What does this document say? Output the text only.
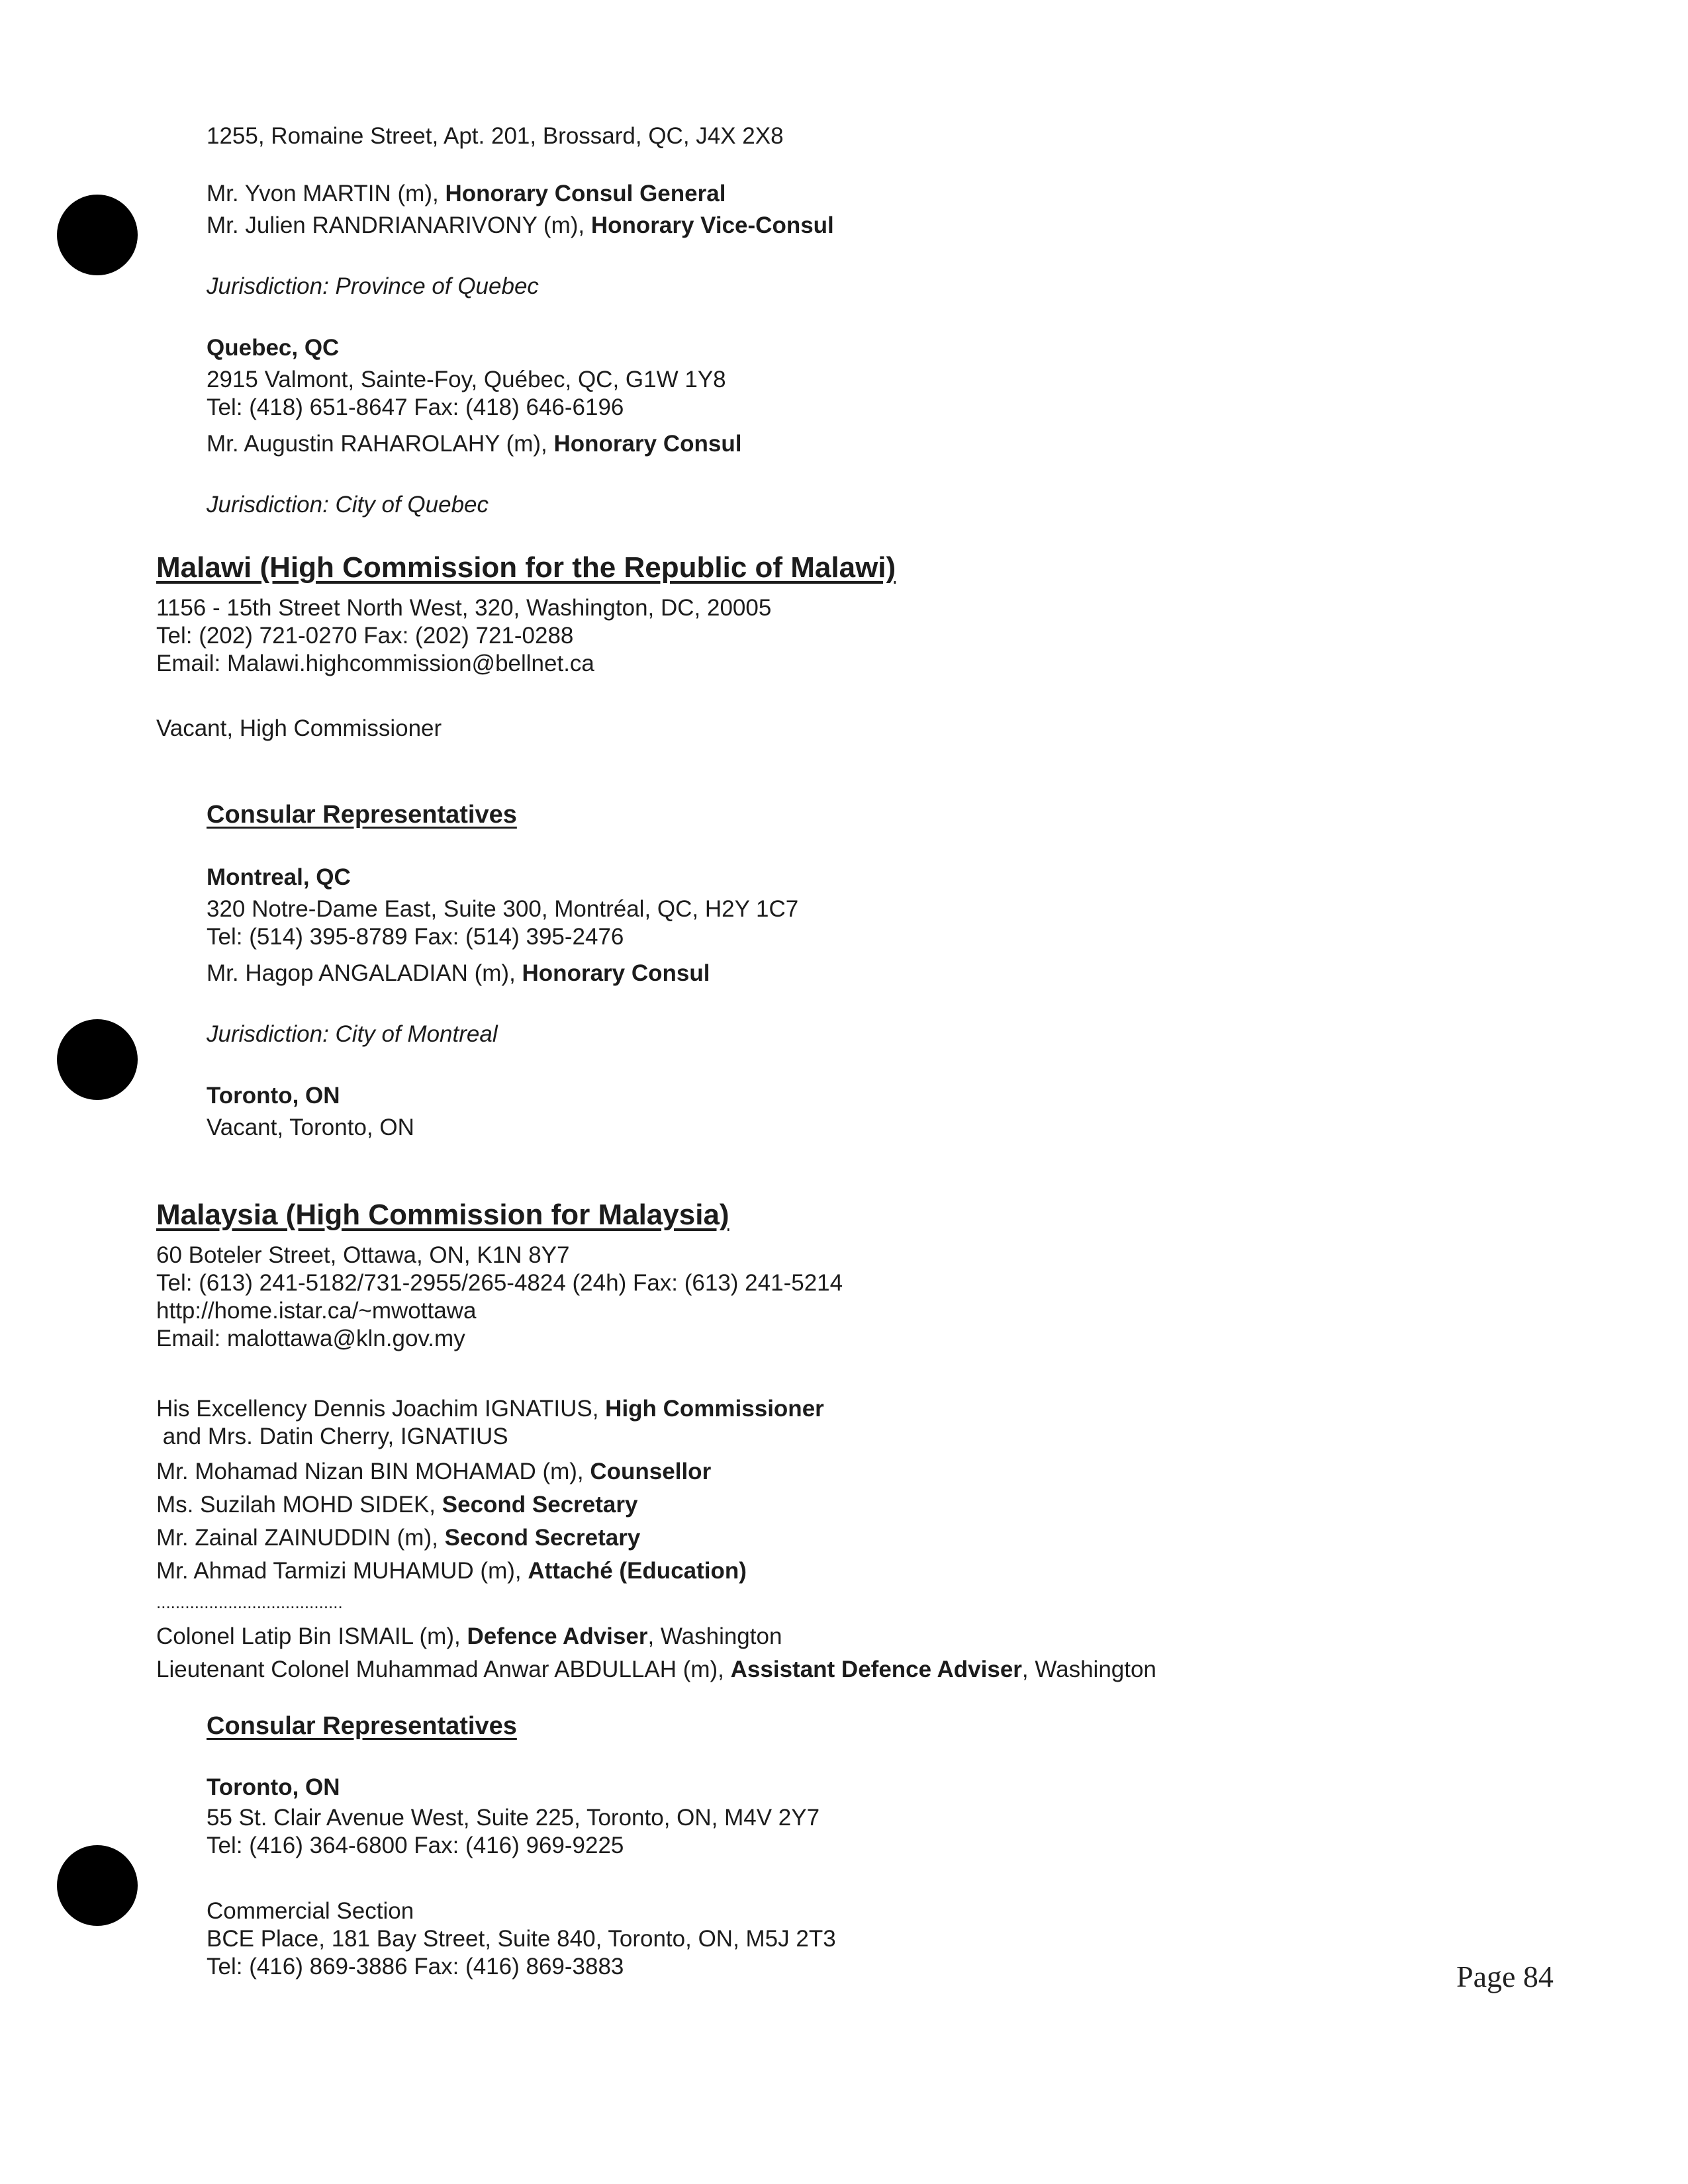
1255, Romaine Street, Apt. 201, Brossard, QC, J4X 2X8
Mr. Yvon MARTIN (m), Honorary Consul General
Mr. Julien RANDRIANARIVONY (m), Honorary Vice-Consul
Jurisdiction: Province of Quebec
Quebec, QC
2915 Valmont, Sainte-Foy, Québec, QC, G1W 1Y8
Tel: (418) 651-8647 Fax: (418) 646-6196
Mr. Augustin RAHAROLAHY (m), Honorary Consul
Jurisdiction: City of Quebec
Malawi (High Commission for the Republic of Malawi)
1156 - 15th Street North West, 320, Washington, DC, 20005
Tel: (202) 721-0270 Fax: (202) 721-0288
Email: Malawi.highcommission@bellnet.ca
Vacant, High Commissioner
Consular Representatives
Montreal, QC
320 Notre-Dame East, Suite 300, Montréal, QC, H2Y 1C7
Tel: (514) 395-8789 Fax: (514) 395-2476
Mr. Hagop ANGALADIAN (m), Honorary Consul
Jurisdiction: City of Montreal
Toronto, ON
Vacant, Toronto, ON
Malaysia (High Commission for Malaysia)
60 Boteler Street, Ottawa, ON, K1N 8Y7
Tel: (613) 241-5182/731-2955/265-4824 (24h) Fax: (613) 241-5214
http://home.istar.ca/~mwottawa
Email: malottawa@kln.gov.my
His Excellency Dennis Joachim IGNATIUS, High Commissioner
and Mrs. Datin Cherry, IGNATIUS
Mr. Mohamad Nizan BIN MOHAMAD (m), Counsellor
Ms. Suzilah MOHD SIDEK, Second Secretary
Mr. Zainal ZAINUDDIN (m), Second Secretary
Mr. Ahmad Tarmizi MUHAMUD (m), Attaché (Education)
.......................................
Colonel Latip Bin ISMAIL (m), Defence Adviser, Washington
Lieutenant Colonel Muhammad Anwar ABDULLAH (m), Assistant Defence Adviser, Washington
Consular Representatives
Toronto, ON
55 St. Clair Avenue West, Suite 225, Toronto, ON, M4V 2Y7
Tel: (416) 364-6800 Fax: (416) 969-9225
Commercial Section
BCE Place, 181 Bay Street, Suite 840, Toronto, ON, M5J 2T3
Tel: (416) 869-3886 Fax: (416) 869-3883	Page 84
